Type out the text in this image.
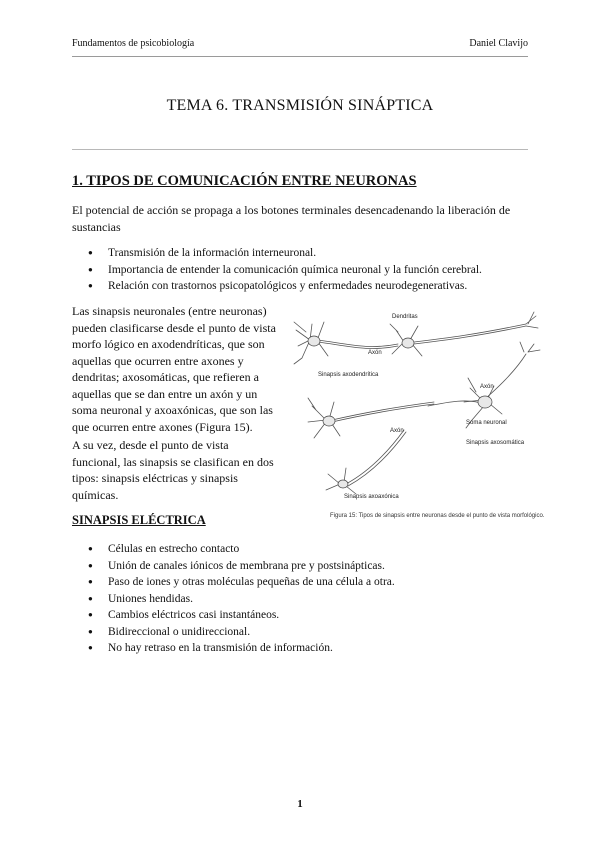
Fundamentos de psicobiología	Daniel Clavijo
TEMA 6. TRANSMISIÓN SINÁPTICA
1. TIPOS DE COMUNICACIÓN ENTRE NEURONAS
El potencial de acción se propaga a los botones terminales desencadenando la liberación de
sustancias
● Transmisión de la información interneuronal.
● Importancia de entender la comunicación química neuronal y la función cerebral.
● Relación con trastornos psicopatológicos y enfermedades neurodegenerativas.
Las sinapsis neuronales (entre neuronas)
pueden clasificarse desde el punto de vista
morfo lógico en axodendríticas, que son
aquellas que ocurren entre axones y
dendritas; axosomáticas, que refieren a
aquellas que se dan entre un axón y un
soma neuronal y axoaxónicas, que son las
que ocurren entre axones (Figura 15).
A su vez, desde el punto de vista
funcional, las sinapsis se clasifican en dos
tipos: sinapsis eléctricas y sinapsis
químicas.
Dendritas
Axón
Sinapsis axodendrítica
Axón
Soma neuronal
Sinapsis axosomática
Axón
Sinapsis axoaxónica
Figura 15: Tipos de sinapsis entre neuronas desde el punto de vista morfológico.
SINAPSIS ELÉCTRICA
● Células en estrecho contacto
● Unión de canales iónicos de membrana pre y postsinápticas.
● Paso de iones y otras moléculas pequeñas de una célula a otra.
● Uniones hendidas.
● Cambios eléctricos casi instantáneos.
● Bidireccional o unidireccional.
● No hay retraso en la transmisión de información.
1
